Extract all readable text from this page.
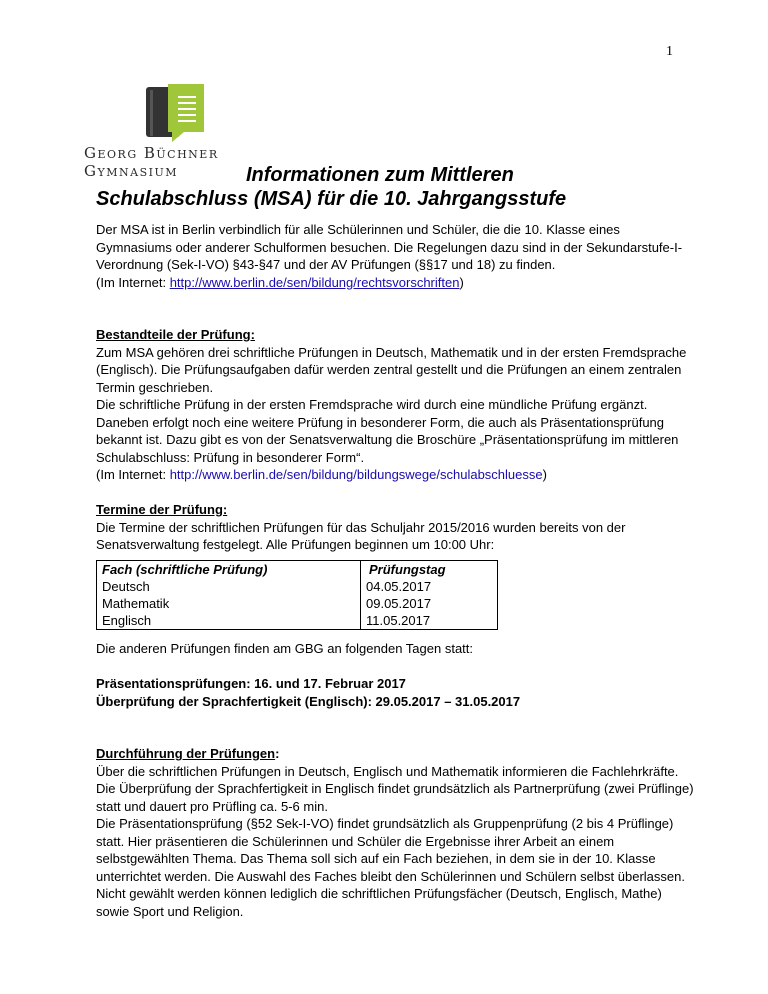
1
Georg Büchner
Gymnasium	Informationen zum Mittleren
Schulabschluss (MSA) für die 10. Jahrgangsstufe

Der MSA ist in Berlin verbindlich für alle Schülerinnen und Schüler, die die 10. Klasse eines Gymnasiums oder anderer Schulformen besuchen. Die Regelungen dazu sind in der Sekundarstufe-I-Verordnung (Sek-I-VO) §43-§47 und der AV Prüfungen (§§17 und 18) zu finden.

(Im Internet: http://www.berlin.de/sen/bildung/rechtsvorschriften)

Bestandteile der Prüfung:

Zum MSA gehören drei schriftliche Prüfungen in Deutsch, Mathematik und in der ersten Fremdsprache (Englisch). Die Prüfungsaufgaben dafür werden zentral gestellt und die Prüfungen an einem zentralen Termin geschrieben.

Die schriftliche Prüfung in der ersten Fremdsprache wird durch eine mündliche Prüfung ergänzt. Daneben erfolgt noch eine weitere Prüfung in besonderer Form, die auch als Präsentationsprüfung bekannt ist. Dazu gibt es von der Senatsverwaltung die Broschüre „Präsentationsprüfung im mittleren Schulabschluss: Prüfung in besonderer Form“.

(Im Internet: http://www.berlin.de/sen/bildung/bildungswege/schulabschluesse)

Termine der Prüfung:

Die Termine der schriftlichen Prüfungen für das Schuljahr 2015/2016 wurden bereits von der Senatsverwaltung festgelegt. Alle Prüfungen beginnen um 10:00 Uhr:

Fach (schriftliche Prüfung)	Prüfungstag
Deutsch	04.05.2017
Mathematik	09.05.2017
Englisch	11.05.2017
Die anderen Prüfungen finden am GBG an folgenden Tagen statt:

Präsentationsprüfungen: 16. und 17. Februar 2017

Überprüfung der Sprachfertigkeit (Englisch): 29.05.2017 – 31.05.2017

Durchführung der Prüfungen:

Über die schriftlichen Prüfungen in Deutsch, Englisch und Mathematik informieren die Fachlehrkräfte.

Die Überprüfung der Sprachfertigkeit in Englisch findet grundsätzlich als Partnerprüfung (zwei Prüflinge) statt und dauert pro Prüfling ca. 5-6 min.

Die Präsentationsprüfung (§52 Sek-I-VO) findet grundsätzlich als Gruppenprüfung (2 bis 4 Prüflinge) statt. Hier präsentieren die Schülerinnen und Schüler die Ergebnisse ihrer Arbeit an einem selbstgewählten Thema. Das Thema soll sich auf ein Fach beziehen, in dem sie in der 10. Klasse unterrichtet werden. Die Auswahl des Faches bleibt den Schülerinnen und Schülern selbst überlassen. Nicht gewählt werden können lediglich die schriftlichen Prüfungsfächer (Deutsch, Englisch, Mathe) sowie Sport und Religion.
